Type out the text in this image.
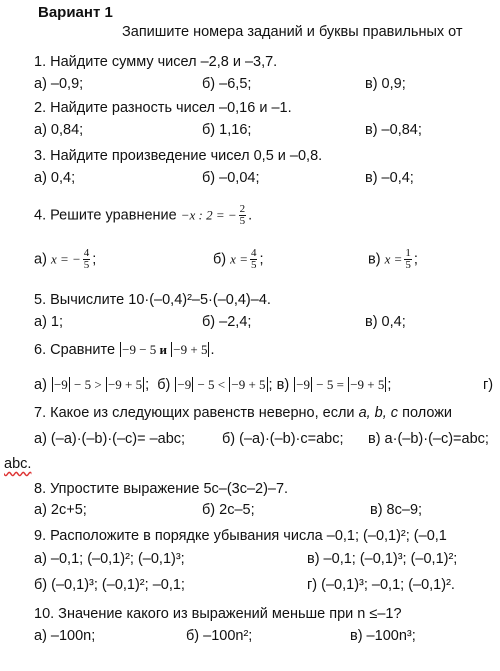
Вариант 1
Запишите номера заданий и буквы правильных от
1. Найдите сумму чисел –2,8 и –3,7.
а) –0,9;	б) –6,5;	в) 0,9;
2. Найдите разность чисел –0,16 и –1.
а) 0,84;	б) 1,16;	в) –0,84;
3. Найдите произведение чисел 0,5 и –0,8.
а) 0,4;	б) –0,04;	в) –0,4;
4. Решите уравнение −x : 2 = − $\frac{2}{5}$ .
а) x = − $\frac{4}{5}$ ;	б) $x = \frac{4}{5}$ ;	в) $x = \frac{1}{5}$ ;
5. Вычислите 10·(–0,4)²–5·(–0,4)–4.
а) 1;	б) –2,4;	в) 0,4;
6. Сравните −9 − 5 и −9 + 5 .
а) −9 − 5 > −9 + 5 ; б) −9 − 5 < −9 + 5 ; в) −9 − 5 = −9 + 5 ;	г)
7. Какое из следующих равенств неверно, если a, b, c положи
а) (–a)·(–b)·(–c)= –abc;	б) (–a)·(–b)·c=abc; в) a·(–b)·(–c)=abc;
abc.
8. Упростите выражение 5c–(3c–2)–7.
а) 2c+5;	б) 2c–5;	в) 8c–9;
9. Расположите в порядке убывания числа –0,1; (–0,1)²; (–0,1
а) –0,1; (–0,1)²; (–0,1)³;	в) –0,1; (–0,1)³; (–0,1)²;
б) (–0,1)³; (–0,1)²; –0,1;	г) (–0,1)³; –0,1; (–0,1)².
10. Значение какого из выражений меньше при n ≤–1?
а) –100n;	б) –100n²;	в) –100n³;
